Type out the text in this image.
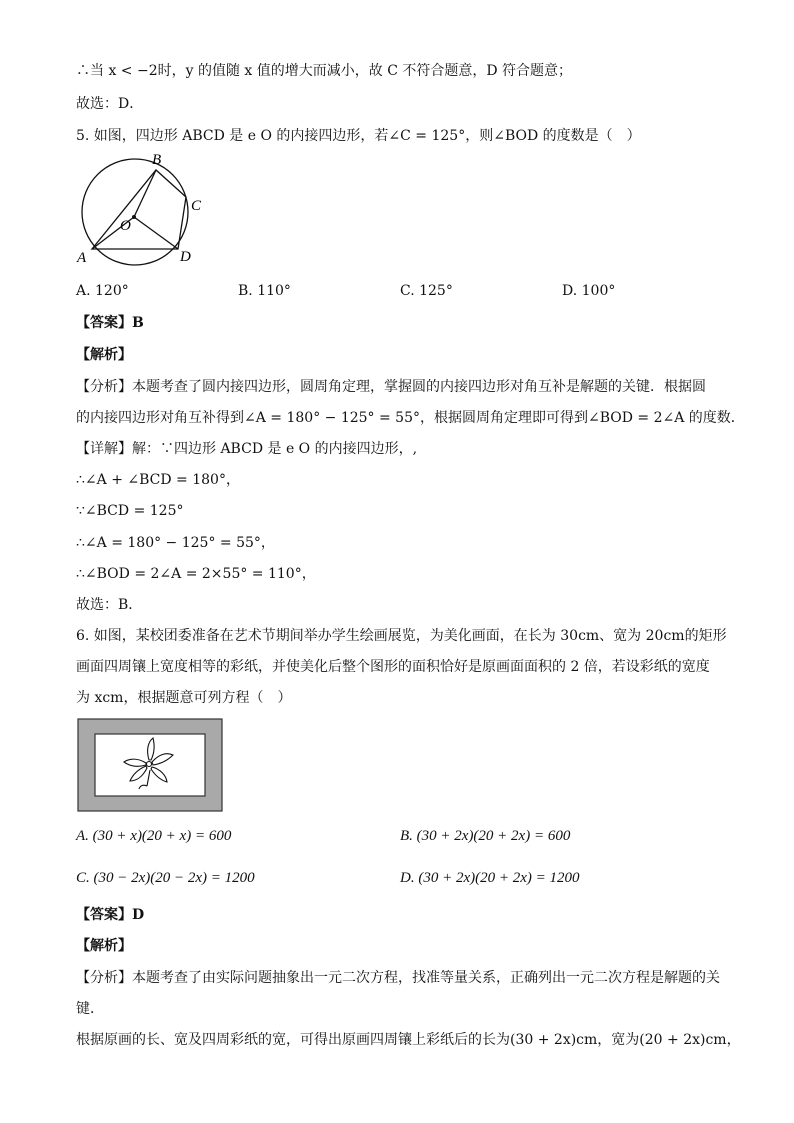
∴当 x < −2时，y 的值随 x 值的增大而减小，故 C 不符合题意，D 符合题意；
故选：D．
5. 如图，四边形 ABCD 是 e O 的内接四边形，若∠C = 125°，则∠BOD 的度数是（　）
B
C
O
A	D
A. 120°	B. 110°	C. 125°	D. 100°
【答案】B
【解析】
【分析】本题考查了圆内接四边形，圆周角定理，掌握圆的内接四边形对角互补是解题的关键．根据圆
的内接四边形对角互补得到∠A = 180° − 125° = 55°，根据圆周角定理即可得到∠BOD = 2∠A 的度数．
【详解】解：∵四边形 ABCD 是 e O 的内接四边形，,
∴∠A + ∠BCD = 180°，
∵∠BCD = 125°
∴∠A = 180° − 125° = 55°，
∴∠BOD = 2∠A = 2×55° = 110°，
故选：B．
6. 如图，某校团委准备在艺术节期间举办学生绘画展览，为美化画面，在长为 30cm、宽为 20cm的矩形
画面四周镶上宽度相等的彩纸，并使美化后整个图形的面积恰好是原画面面积的 2 倍，若设彩纸的宽度
为 xcm，根据题意可列方程（　）
A. (30 + x)(20 + x) = 600	B. (30 + 2x)(20 + 2x) = 600
C. (30 − 2x)(20 − 2x) = 1200	D. (30 + 2x)(20 + 2x) = 1200
【答案】D
【解析】
【分析】本题考查了由实际问题抽象出一元二次方程，找准等量关系，正确列出一元二次方程是解题的关
键．
根据原画的长、宽及四周彩纸的宽，可得出原画四周镶上彩纸后的长为(30 + 2x)cm，宽为(20 + 2x)cm，
